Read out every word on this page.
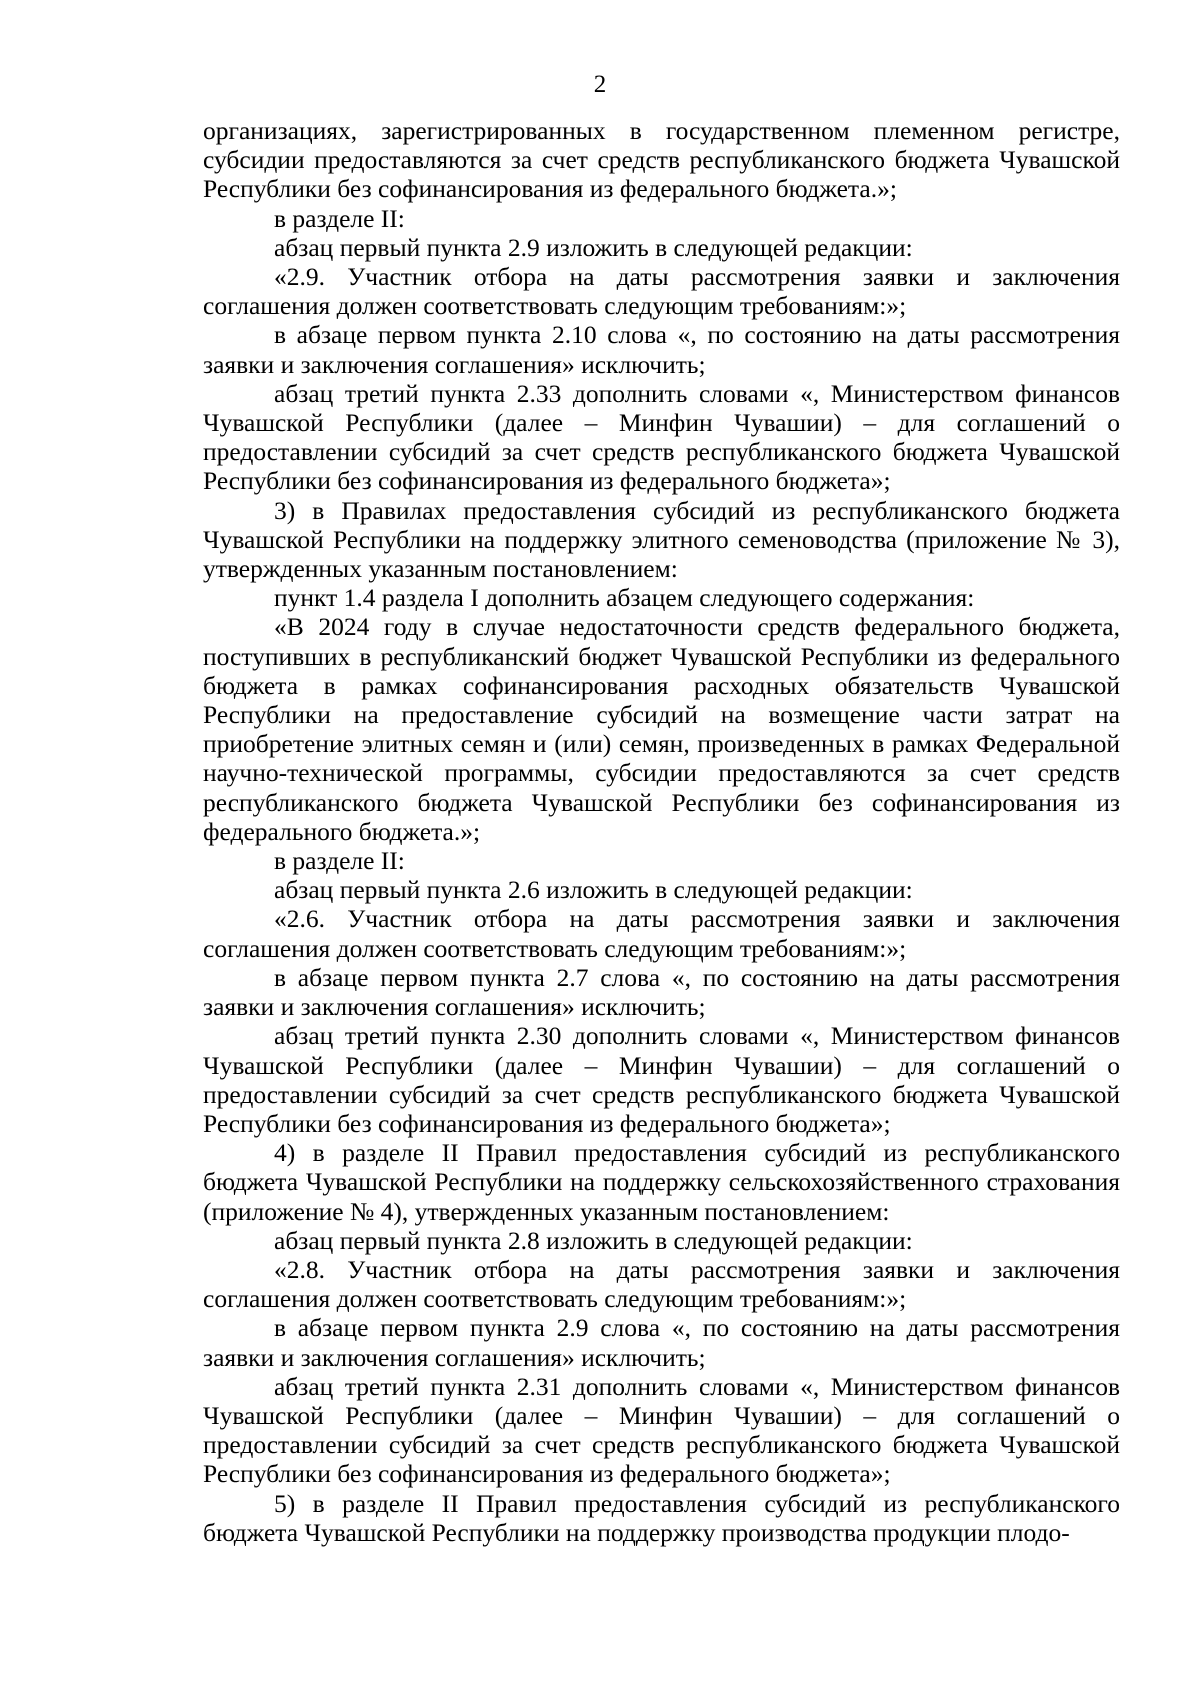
2

организациях, зарегистрированных в государственном племенном регистре, субсидии предоставляются за счет средств республиканского бюджета Чувашской Республики без софинансирования из федерального бюджета.»;

в разделе II:

абзац первый пункта 2.9 изложить в следующей редакции:

«2.9. Участник отбора на даты рассмотрения заявки и заключения соглашения должен соответствовать следующим требованиям:»;

в абзаце первом пункта 2.10 слова «, по состоянию на даты рассмотрения заявки и заключения соглашения» исключить;

абзац третий пункта 2.33 дополнить словами «, Министерством финансов Чувашской Республики (далее – Минфин Чувашии) – для соглашений о предоставлении субсидий за счет средств республиканского бюджета Чувашской Республики без софинансирования из федерального бюджета»;

3) в Правилах предоставления субсидий из республиканского бюджета Чувашской Республики на поддержку элитного семеноводства (приложение № 3), утвержденных указанным постановлением:

пункт 1.4 раздела I дополнить абзацем следующего содержания:

«В 2024 году в случае недостаточности средств федерального бюджета, поступивших в республиканский бюджет Чувашской Республики из федерального бюджета в рамках софинансирования расходных обязательств Чувашской Республики на предоставление субсидий на возмещение части затрат на приобретение элитных семян и (или) семян, произведенных в рамках Федеральной научно-технической программы, субсидии предоставляются за счет средств республиканского бюджета Чувашской Республики без софинансирования из федерального бюджета.»;

в разделе II:

абзац первый пункта 2.6 изложить в следующей редакции:

«2.6. Участник отбора на даты рассмотрения заявки и заключения соглашения должен соответствовать следующим требованиям:»;

в абзаце первом пункта 2.7 слова «, по состоянию на даты рассмотрения заявки и заключения соглашения» исключить;

абзац третий пункта 2.30 дополнить словами «, Министерством финансов Чувашской Республики (далее – Минфин Чувашии) – для соглашений о предоставлении субсидий за счет средств республиканского бюджета Чувашской Республики без софинансирования из федерального бюджета»;

4) в разделе II Правил предоставления субсидий из республиканского бюджета Чувашской Республики на поддержку сельскохозяйственного страхования (приложение № 4), утвержденных указанным постановлением:

абзац первый пункта 2.8 изложить в следующей редакции:

«2.8. Участник отбора на даты рассмотрения заявки и заключения соглашения должен соответствовать следующим требованиям:»;

в абзаце первом пункта 2.9 слова «, по состоянию на даты рассмотрения заявки и заключения соглашения» исключить;

абзац третий пункта 2.31 дополнить словами «, Министерством финансов Чувашской Республики (далее – Минфин Чувашии) – для соглашений о предоставлении субсидий за счет средств республиканского бюджета Чувашской Республики без софинансирования из федерального бюджета»;

5) в разделе II Правил предоставления субсидий из республиканского бюджета Чувашской Республики на поддержку производства продукции плодо-
